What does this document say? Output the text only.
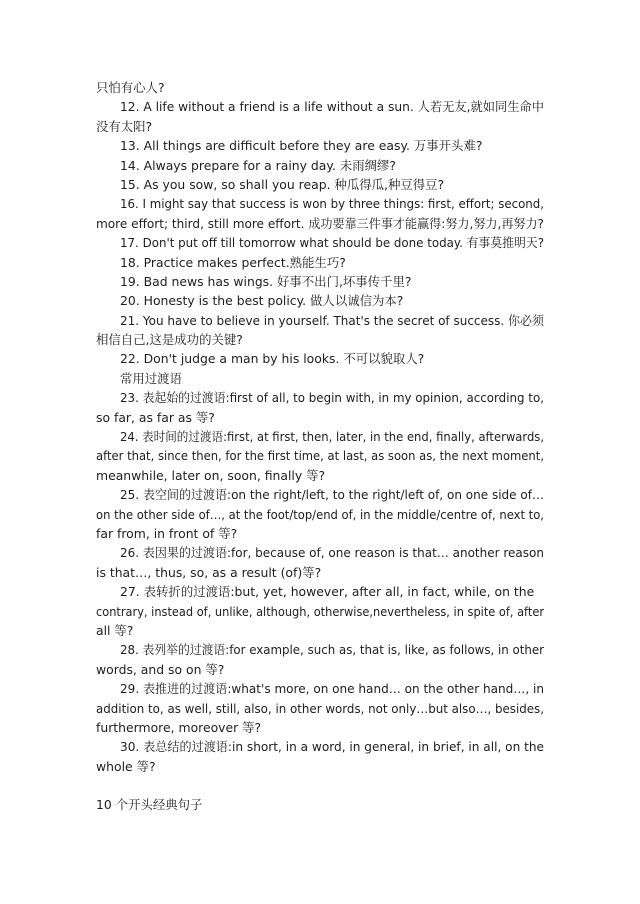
只怕有心人?
12. A life without a friend is a life without a sun. 人若无友,就如同生命中
没有太阳?
13. All things are difficult before they are easy. 万事开头难?
14. Always prepare for a rainy day. 未雨绸缪?
15. As you sow, so shall you reap. 种瓜得瓜,种豆得豆?
16. I might say that success is won by three things: first, effort; second,
more effort; third, still more effort. 成功要靠三件事才能赢得:努力,努力,再努力?
17. Don't put off till tomorrow what should be done today. 有事莫推明天?
18. Practice makes perfect.熟能生巧?
19. Bad news has wings. 好事不出门,坏事传千里?
20. Honesty is the best policy. 做人以诚信为本?
21. You have to believe in yourself. That's the secret of success. 你必须
相信自己,这是成功的关键?
22. Don't judge a man by his looks. 不可以貌取人?
常用过渡语
23. 表起始的过渡语:first of all, to begin with, in my opinion, according to,
so far, as far as 等?
24. 表时间的过渡语:first, at first, then, later, in the end, finally, afterwards,
after that, since then, for the first time, at last, as soon as, the next moment,
meanwhile, later on, soon, finally 等?
25. 表空间的过渡语:on the right/left, to the right/left of, on one side of…
on the other side of…, at the foot/top/end of, in the middle/centre of, next to,
far from, in front of 等?
26. 表因果的过渡语:for, because of, one reason is that… another reason
is that…, thus, so, as a result (of)等?
27. 表转折的过渡语:but, yet, however, after all, in fact, while, on the
contrary, instead of, unlike, although, otherwise,nevertheless, in spite of, after
all 等?
28. 表列举的过渡语:for example, such as, that is, like, as follows, in other
words, and so on 等?
29. 表推进的过渡语:what's more, on one hand… on the other hand…, in
addition to, as well, still, also, in other words, not only…but also…, besides,
furthermore, moreover 等?
30. 表总结的过渡语:in short, in a word, in general, in brief, in all, on the
whole 等?
10 个开头经典句子
